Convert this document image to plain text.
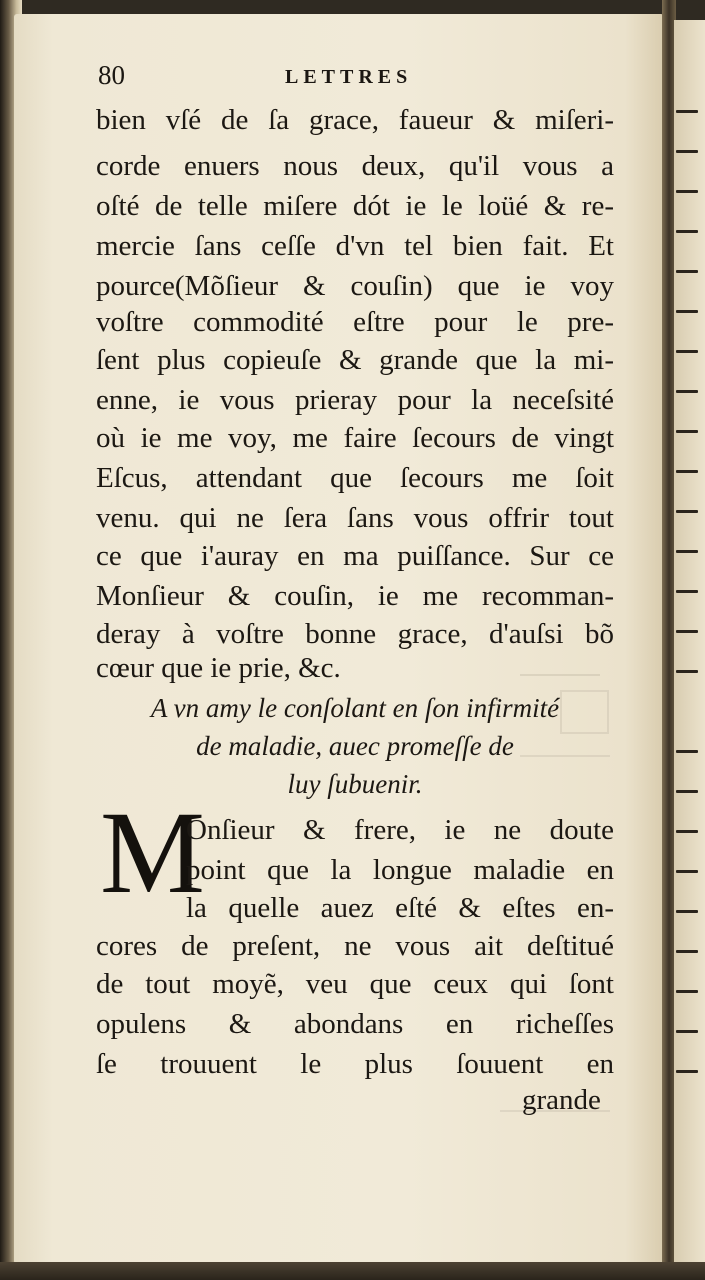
80	LETTRES
bien vſé de ſa grace, faueur & miſeri-
corde enuers nous deux, qu'il vous a
oſté de telle miſere dót ie le loüé & re-
mercie ſans ceſſe d'vn tel bien fait. Et
pource(Mõſieur & couſin) que ie voy
voſtre commodité eſtre pour le pre-
ſent plus copieuſe & grande que la mi-
enne, ie vous prieray pour la neceſsité
où ie me voy, me faire ſecours de vingt
Eſcus, attendant que ſecours me ſoit
venu. qui ne ſera ſans vous offrir tout
ce que i'auray en ma puiſſance. Sur ce
Monſieur & couſin, ie me recomman-
deray à voſtre bonne grace, d'auſsi bõ
cœur que ie prie, &c.
A vn amy le conſolant en ſon infirmité
de maladie, auec promeſſe de
luy ſubuenir.
M
Onſieur & frere, ie ne doute
point que la longue maladie en
la quelle auez eſté & eſtes en-
cores de preſent, ne vous ait deſtitué
de tout moyẽ, veu que ceux qui ſont
opulens & abondans en richeſſes
ſe trouuent le plus ſouuent en
grande
